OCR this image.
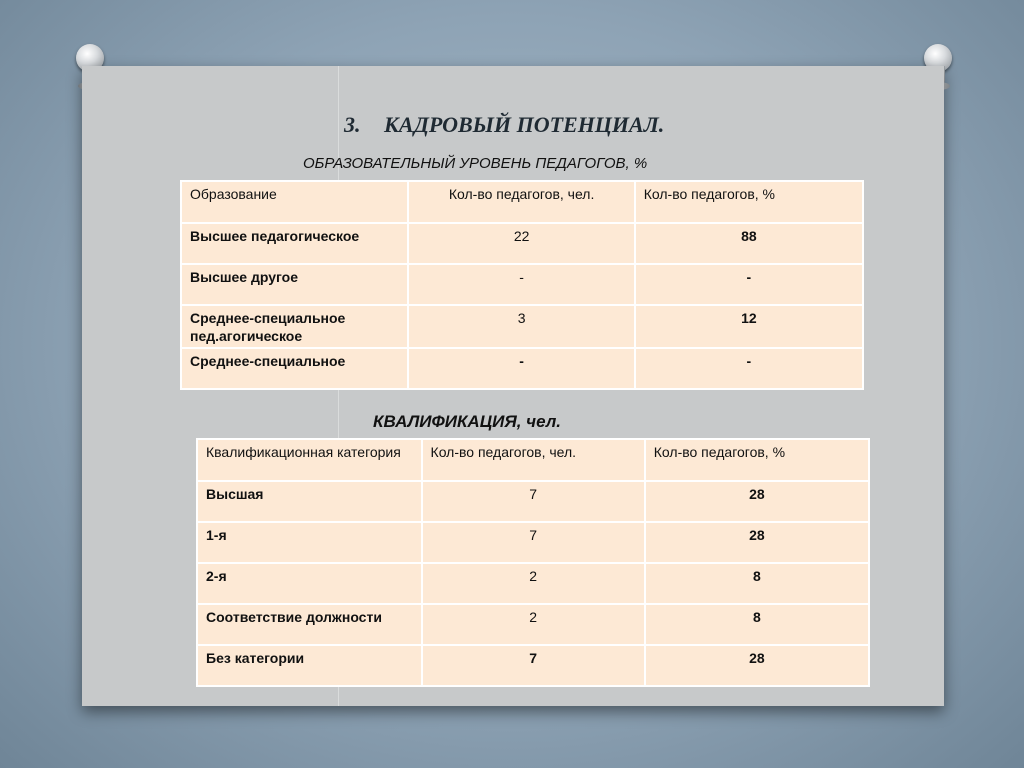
3. КАДРОВЫЙ ПОТЕНЦИАЛ.

ОБРАЗОВАТЕЛЬНЫЙ УРОВЕНЬ ПЕДАГОГОВ, %

Образование	Кол-во педагогов, чел.	Кол-во педагогов, %
Высшее педагогическое	22	88
Высшее другое	-	-
Среднее-специальное пед.агогическое	3	12
Среднее-специальное	-	-

КВАЛИФИКАЦИЯ, чел.

Квалификационная категория	Кол-во педагогов, чел.	Кол-во педагогов, %
Высшая	7	28
1-я	7	28
2-я	2	8
Соответствие должности	2	8
Без категории	7	28
